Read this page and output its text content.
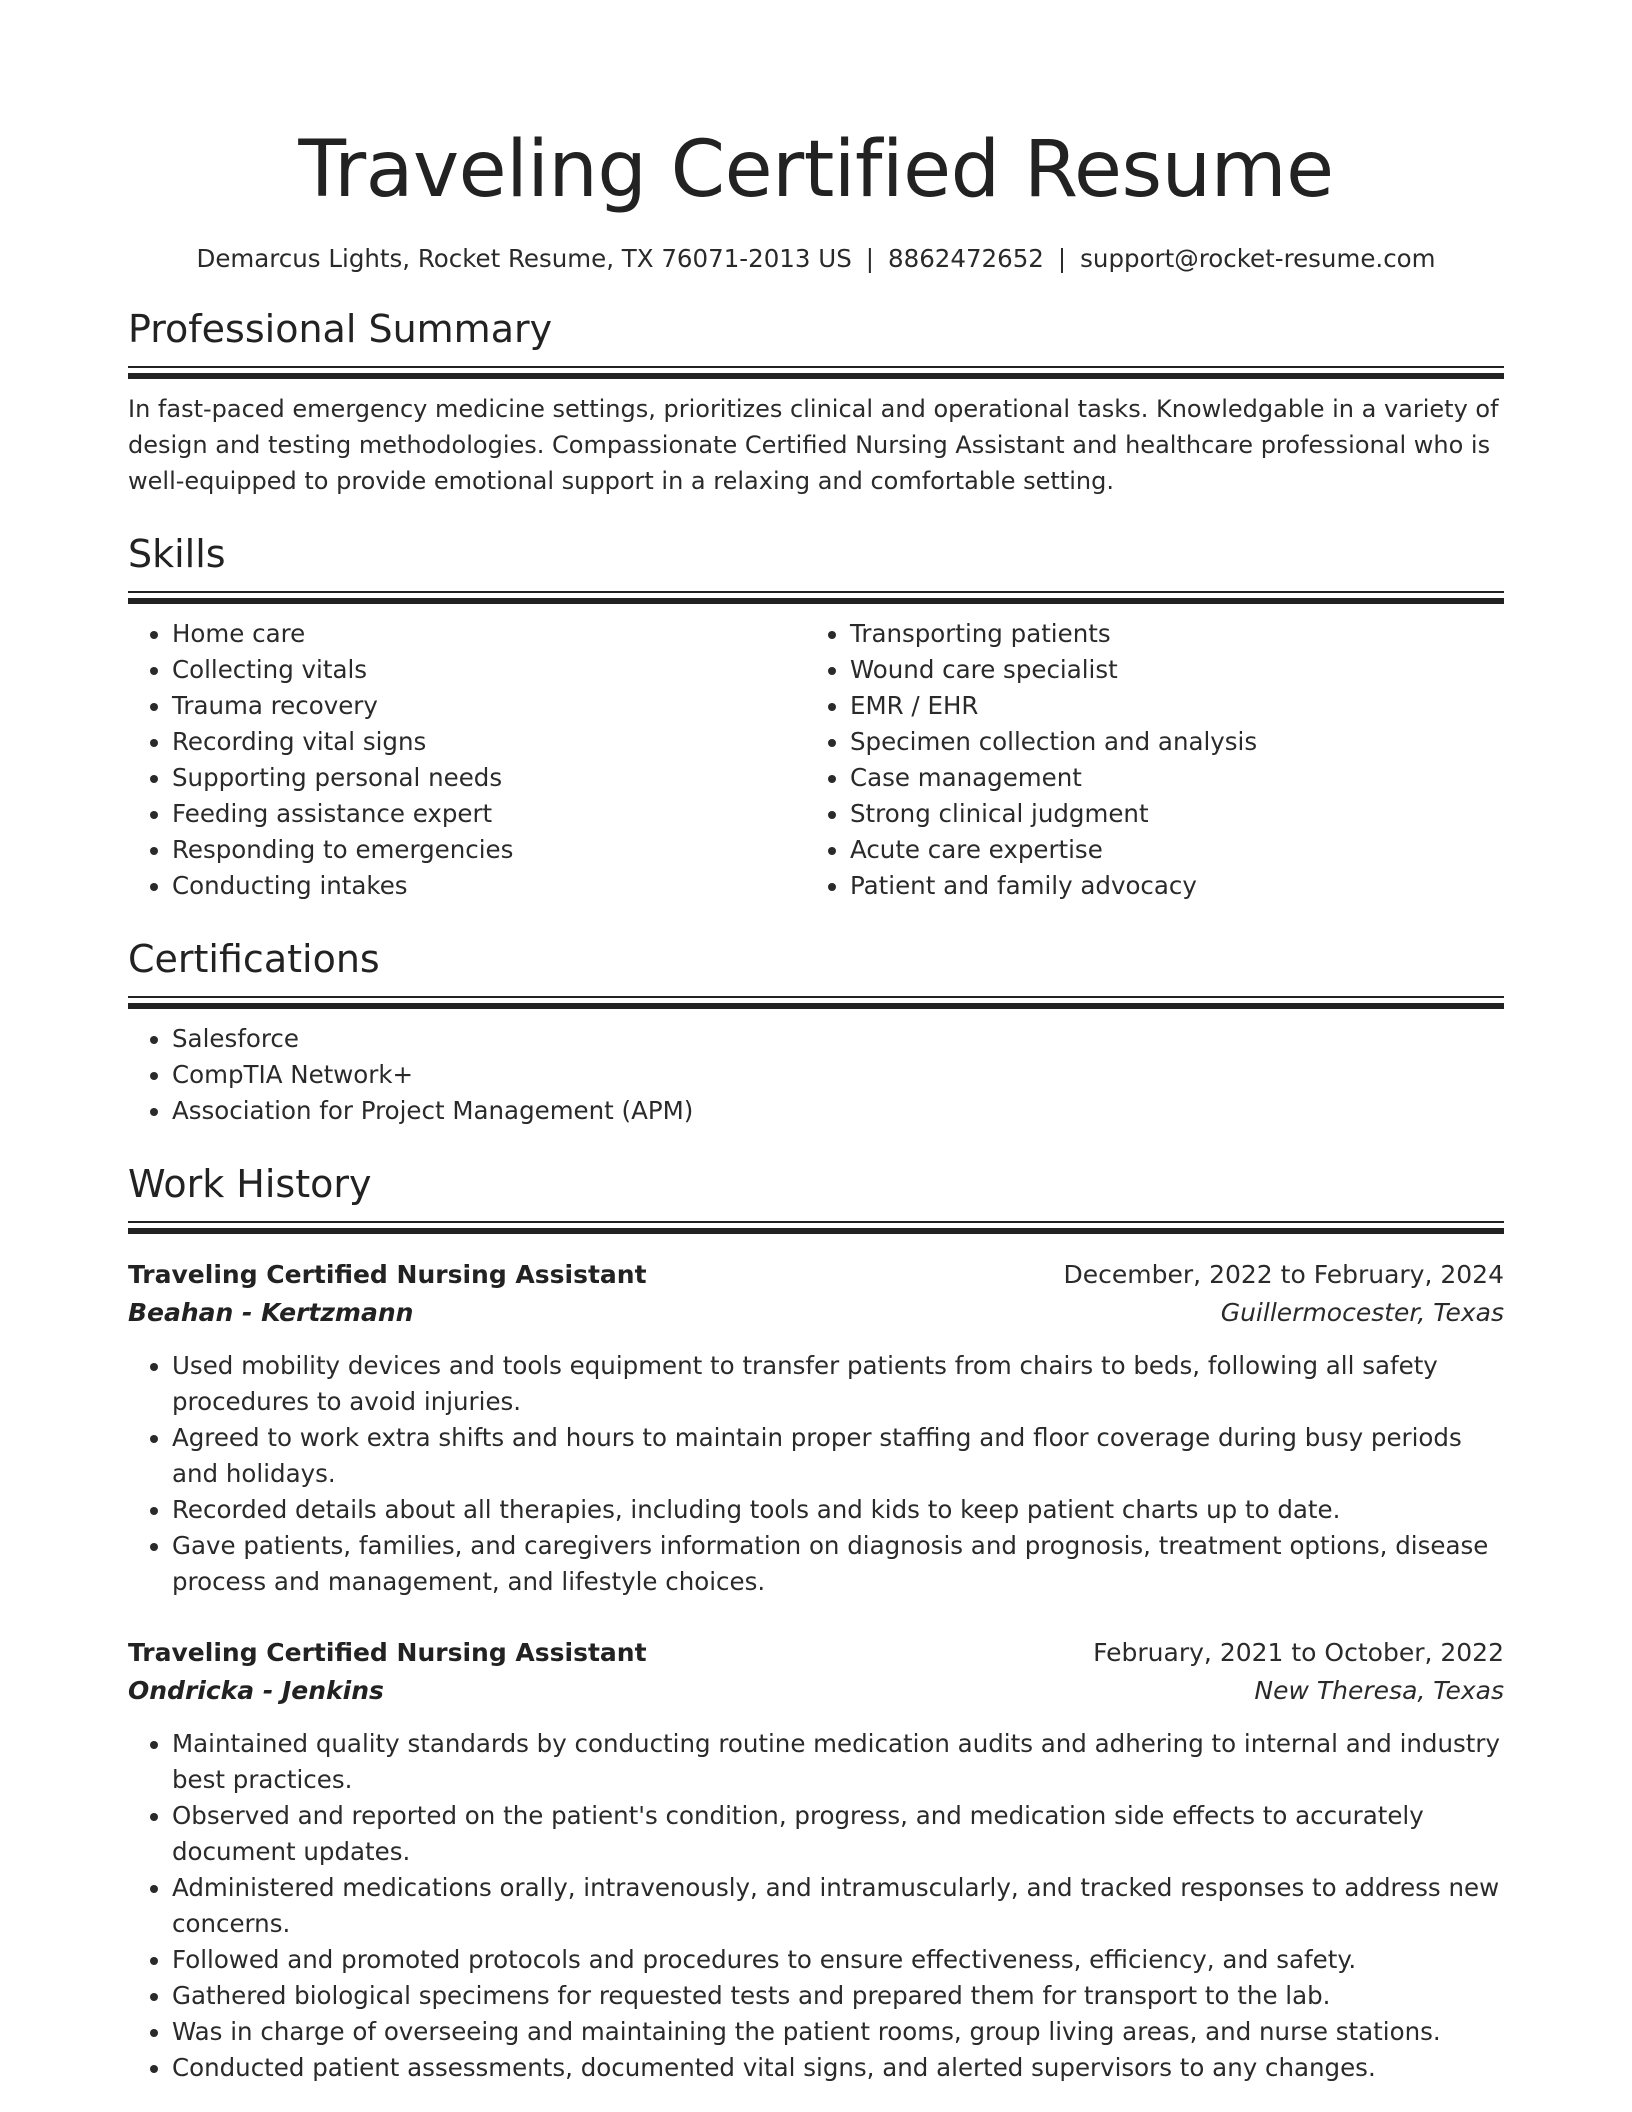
Traveling Certified Resume
Demarcus Lights, Rocket Resume, TX 76071-2013 US | 8862472652 | support@rocket-resume.com
Professional Summary
In fast-paced emergency medicine settings, prioritizes clinical and operational tasks. Knowledgable in a variety of design and testing methodologies. Compassionate Certified Nursing Assistant and healthcare professional who is well-equipped to provide emotional support in a relaxing and comfortable setting.
Skills
• Home care
• Collecting vitals
• Trauma recovery
• Recording vital signs
• Supporting personal needs
• Feeding assistance expert
• Responding to emergencies
• Conducting intakes
• Transporting patients
• Wound care specialist
• EMR / EHR
• Specimen collection and analysis
• Case management
• Strong clinical judgment
• Acute care expertise
• Patient and family advocacy
Certifications
• Salesforce
• CompTIA Network+
• Association for Project Management (APM)
Work History
Traveling Certified Nursing Assistant	December, 2022 to February, 2024
Beahan - Kertzmann	Guillermocester, Texas
• Used mobility devices and tools equipment to transfer patients from chairs to beds, following all safety procedures to avoid injuries.
• Agreed to work extra shifts and hours to maintain proper staffing and floor coverage during busy periods and holidays.
• Recorded details about all therapies, including tools and kids to keep patient charts up to date.
• Gave patients, families, and caregivers information on diagnosis and prognosis, treatment options, disease process and management, and lifestyle choices.
Traveling Certified Nursing Assistant	February, 2021 to October, 2022
Ondricka - Jenkins	New Theresa, Texas
• Maintained quality standards by conducting routine medication audits and adhering to internal and industry best practices.
• Observed and reported on the patient's condition, progress, and medication side effects to accurately document updates.
• Administered medications orally, intravenously, and intramuscularly, and tracked responses to address new concerns.
• Followed and promoted protocols and procedures to ensure effectiveness, efficiency, and safety.
• Gathered biological specimens for requested tests and prepared them for transport to the lab.
• Was in charge of overseeing and maintaining the patient rooms, group living areas, and nurse stations.
• Conducted patient assessments, documented vital signs, and alerted supervisors to any changes.
